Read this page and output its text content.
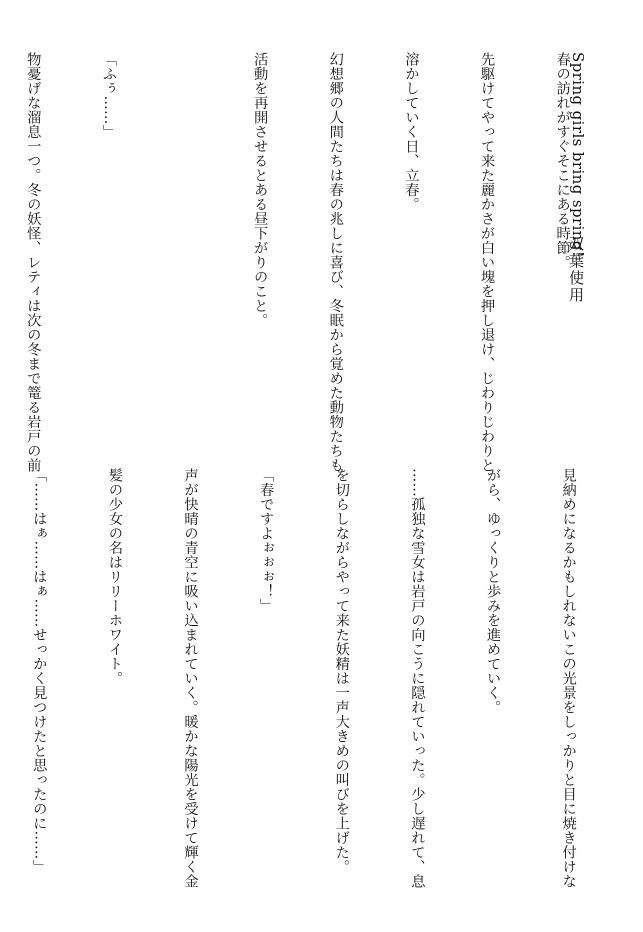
Spring girls bring spring!
双葉使用

春の訪れがすぐそこにある時節。

先駆けてやって来た麗かさが白い塊を押し退け、じわりじわりと

溶かしていく日、立春。

幻想郷の人間たちは春の兆しに喜び、冬眠から覚めた動物たちも

活動を再開させるとある昼下がりのこと。

「ふぅ……」

物憂げな溜息一つ。冬の妖怪、レティは次の冬まで篭る岩戸の前

見納めになるかもしれないこの光景をしっかりと目に焼き付けな

がら、ゆっくりと歩みを進めていく。

……孤独な雪女は岩戸の向こうに隠れていった。少し遅れて、息

を切らしながらやって来た妖精は一声大きめの叫びを上げた。

「春ですよぉぉぉ！」

声が快晴の青空に吸い込まれていく。暖かな陽光を受けて輝く金

髪の少女の名はリリーホワイト。

「……はぁ……はぁ……せっかく見つけたと思ったのに……」
